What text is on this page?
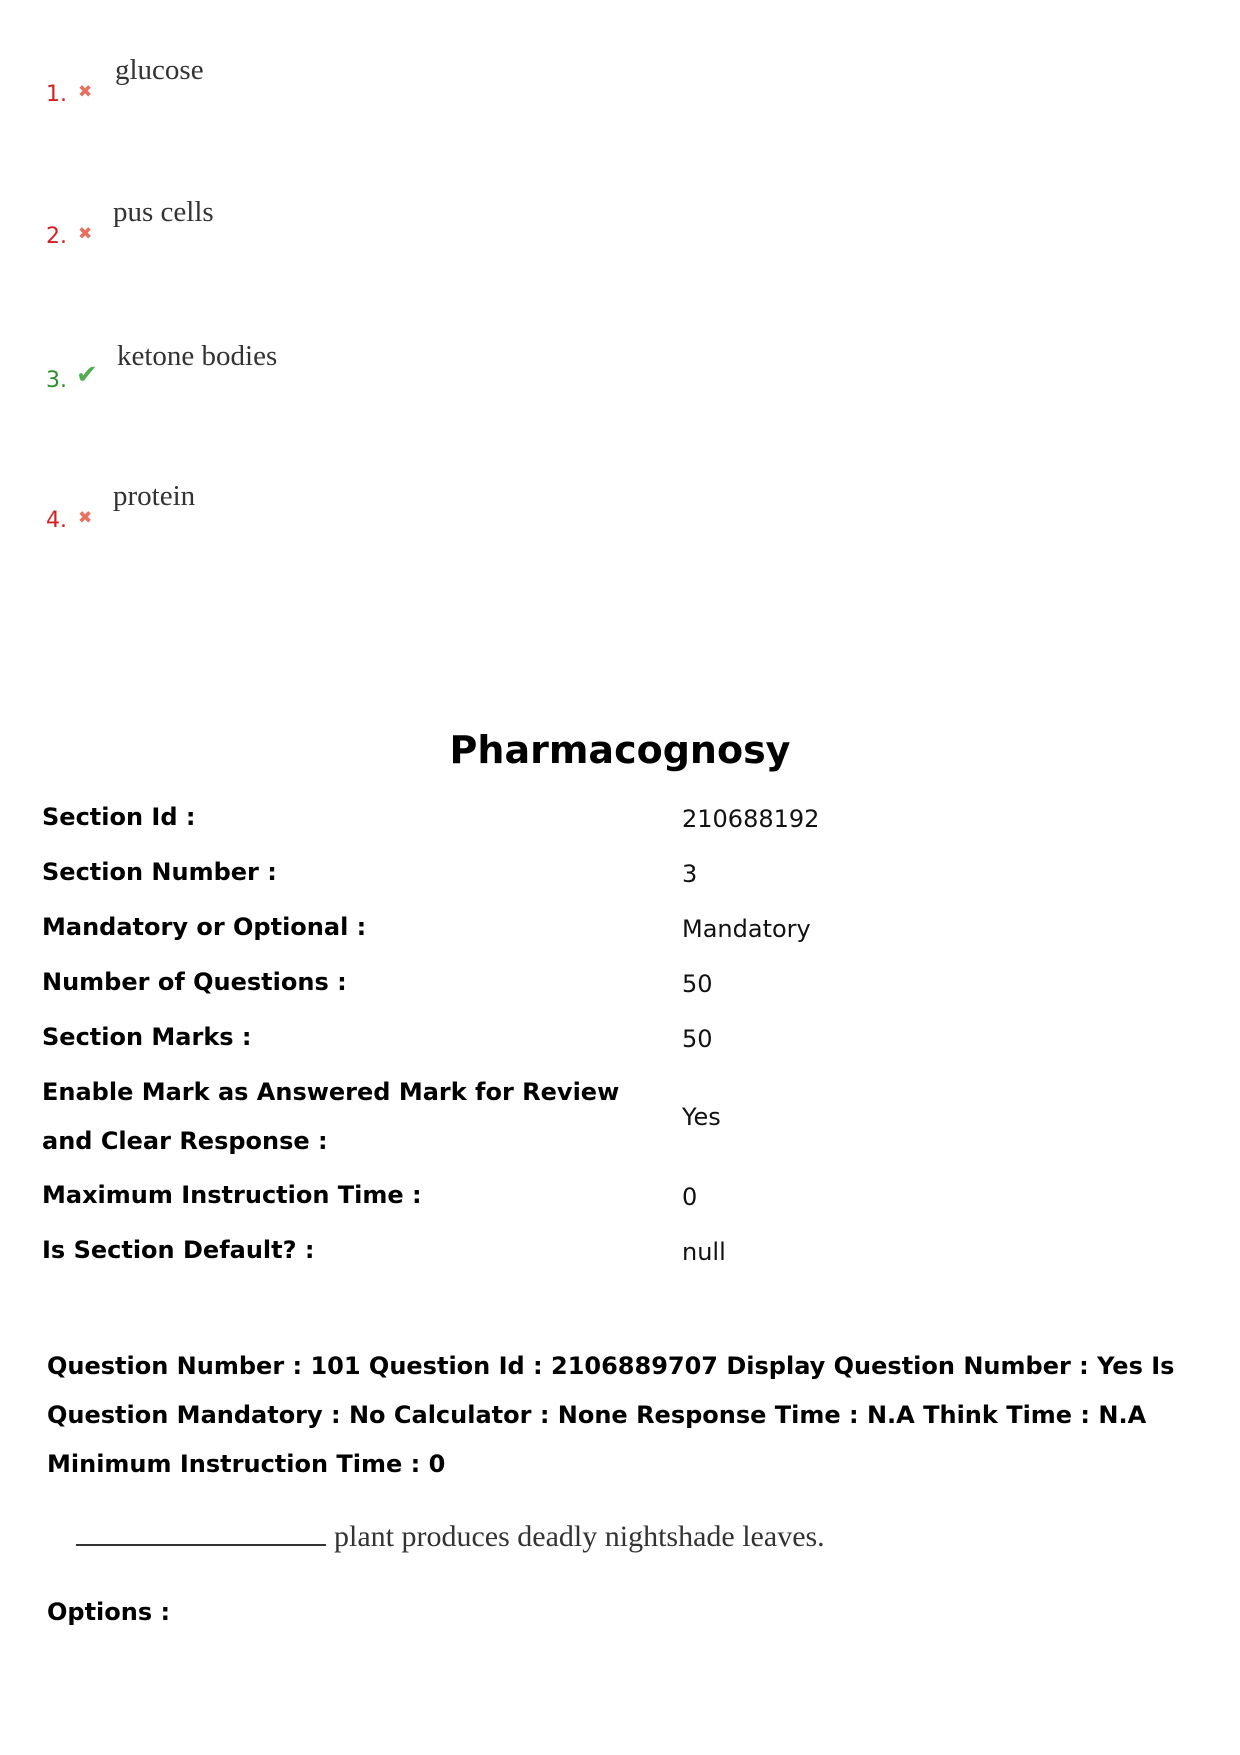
1. ✖
glucose
2. ✖
pus cells
3. ✔
ketone bodies
4. ✖
protein
Pharmacognosy
Section Id :	210688192
Section Number :	3
Mandatory or Optional :	Mandatory
Number of Questions :	50
Section Marks :	50
Enable Mark as Answered Mark for Review and Clear Response :
Yes
Maximum Instruction Time :	0
Is Section Default? :	null
Question Number : 101 Question Id : 2106889707 Display Question Number : Yes Is Question Mandatory : No Calculator : None Response Time : N.A Think Time : N.A Minimum Instruction Time : 0
plant produces deadly nightshade leaves.
Options :
